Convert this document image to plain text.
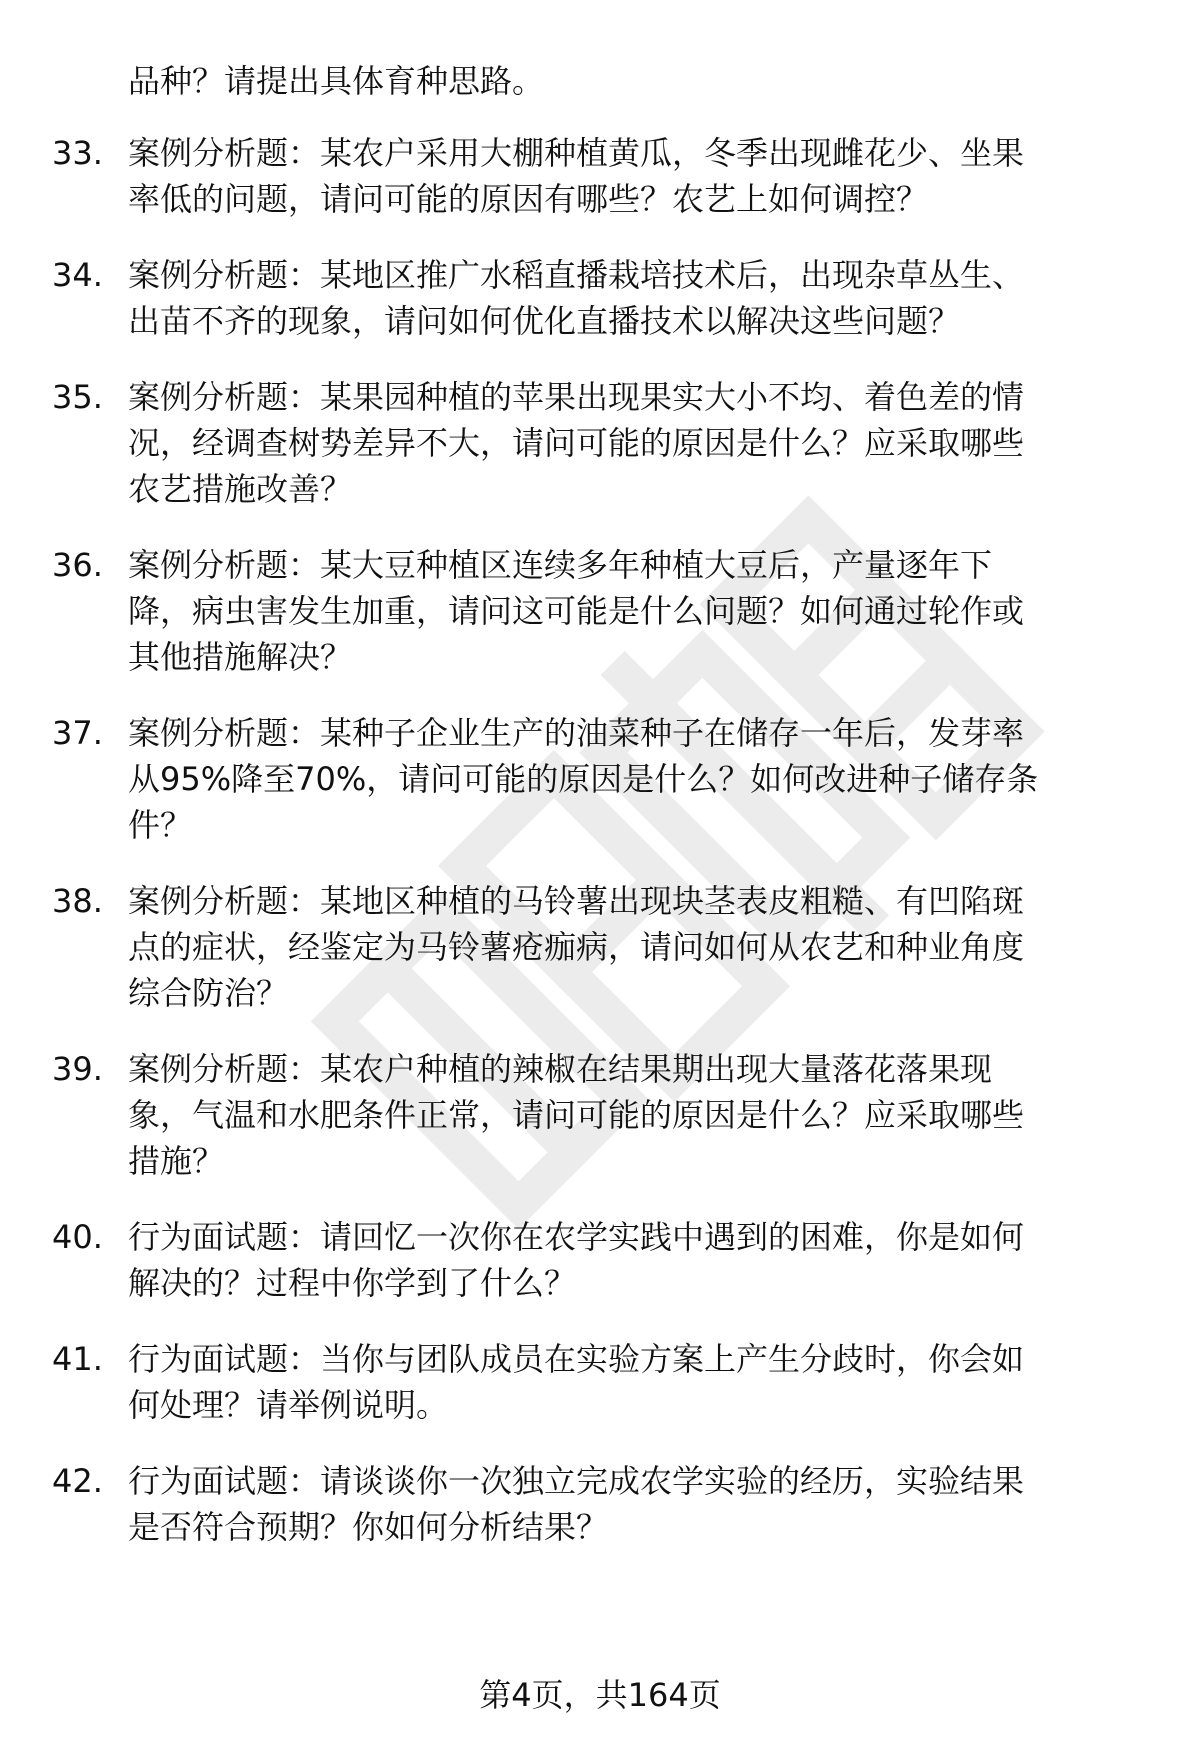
品种？请提出具体育种思路。
33. 案例分析题：某农户采用大棚种植黄瓜，冬季出现雌花少、坐果
率低的问题，请问可能的原因有哪些？农艺上如何调控？
34. 案例分析题：某地区推广水稻直播栽培技术后，出现杂草丛生、
出苗不齐的现象，请问如何优化直播技术以解决这些问题？
35. 案例分析题：某果园种植的苹果出现果实大小不均、着色差的情
况，经调查树势差异不大，请问可能的原因是什么？应采取哪些
农艺措施改善？
36. 案例分析题：某大豆种植区连续多年种植大豆后，产量逐年下
降，病虫害发生加重，请问这可能是什么问题？如何通过轮作或
其他措施解决？
37. 案例分析题：某种子企业生产的油菜种子在储存一年后，发芽率
从95%降至70%，请问可能的原因是什么？如何改进种子储存条
件？
38. 案例分析题：某地区种植的马铃薯出现块茎表皮粗糙、有凹陷斑
点的症状，经鉴定为马铃薯疮痂病，请问如何从农艺和种业角度
综合防治？
39. 案例分析题：某农户种植的辣椒在结果期出现大量落花落果现
象，气温和水肥条件正常，请问可能的原因是什么？应采取哪些
措施？
40. 行为面试题：请回忆一次你在农学实践中遇到的困难，你是如何
解决的？过程中你学到了什么？
41. 行为面试题：当你与团队成员在实验方案上产生分歧时，你会如
何处理？请举例说明。
42. 行为面试题：请谈谈你一次独立完成农学实验的经历，实验结果
是否符合预期？你如何分析结果？
第4页，共164页
